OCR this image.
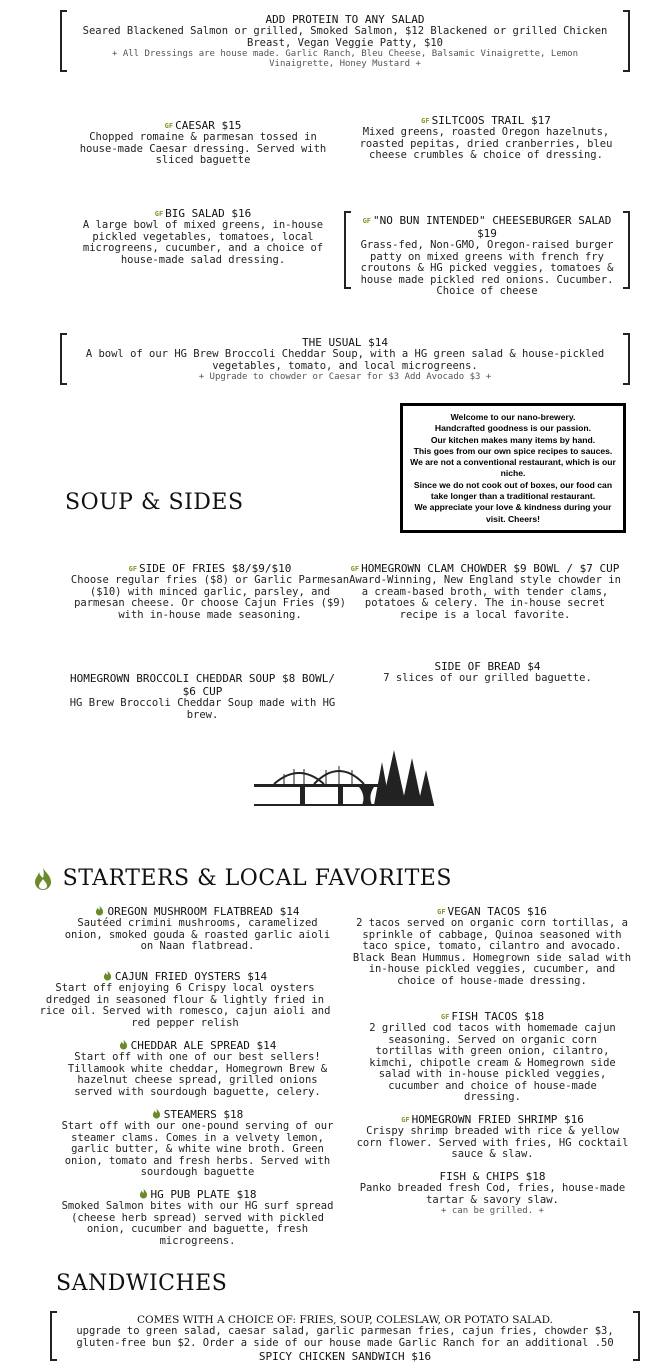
ADD PROTEIN TO ANY SALAD
Seared Blackened Salmon or grilled, Smoked Salmon, $12 Blackened or grilled Chicken Breast, Vegan Veggie Patty, $10
+ All Dressings are house made. Garlic Ranch, Bleu Cheese, Balsamic Vinaigrette, Lemon Vinaigrette, Honey Mustard +
GF CAESAR $15
Chopped romaine & parmesan tossed in house-made Caesar dressing. Served with sliced baguette
GF SILTCOOS TRAIL $17
Mixed greens, roasted Oregon hazelnuts, roasted pepitas, dried cranberries, bleu cheese crumbles & choice of dressing.
GF BIG SALAD $16
A large bowl of mixed greens, in-house pickled vegetables, tomatoes, local microgreens, cucumber, and a choice of house-made salad dressing.
GF "NO BUN INTENDED" CHEESEBURGER SALAD $19
Grass-fed, Non-GMO, Oregon-raised burger patty on mixed greens with french fry croutons & HG picked veggies, tomatoes & house made pickled red onions. Cucumber. Choice of cheese
THE USUAL $14
A bowl of our HG Brew Broccoli Cheddar Soup, with a HG green salad & house-pickled vegetables, tomato, and local microgreens.
+ Upgrade to chowder or Caesar for $3 Add Avocado $3 +
Welcome to our nano-brewery.
Handcrafted goodness is our passion.
Our kitchen makes many items by hand.
This goes from our own spice recipes to sauces.
We are not a conventional restaurant, which is our niche.
Since we do not cook out of boxes, our food can take longer than a traditional restaurant.
We appreciate your love & kindness during your visit. Cheers!
SOUP & SIDES
GF SIDE OF FRIES $8/$9/$10
Choose regular fries ($8) or Garlic Parmesan ($10) with minced garlic, parsley, and parmesan cheese. Or choose Cajun Fries ($9) with in-house made seasoning.
GF HOMEGROWN CLAM CHOWDER $9 BOWL / $7 CUP
Award-Winning, New England style chowder in a cream-based broth, with tender clams, potatoes & celery. The in-house secret recipe is a local favorite.
HOMEGROWN BROCCOLI CHEDDAR SOUP $8 BOWL/ $6 CUP
HG Brew Broccoli Cheddar Soup made with HG brew.
SIDE OF BREAD $4
7 slices of our grilled baguette.
STARTERS & LOCAL FAVORITES
OREGON MUSHROOM FLATBREAD $14
Sautéed crimini mushrooms, caramelized onion, smoked gouda & roasted garlic aioli on Naan flatbread.
CAJUN FRIED OYSTERS $14
Start off enjoying 6 Crispy local oysters dredged in seasoned flour & lightly fried in rice oil. Served with romesco, cajun aioli and red pepper relish
CHEDDAR ALE SPREAD $14
Start off with one of our best sellers! Tillamook white cheddar, Homegrown Brew & hazelnut cheese spread, grilled onions served with sourdough baguette, celery.
STEAMERS $18
Start off with our one-pound serving of our steamer clams. Comes in a velvety lemon, garlic butter, & white wine broth. Green onion, tomato and fresh herbs. Served with sourdough baguette
HG PUB PLATE $18
Smoked Salmon bites with our HG surf spread (cheese herb spread) served with pickled onion, cucumber and baguette, fresh microgreens.
GF VEGAN TACOS $16
2 tacos served on organic corn tortillas, a sprinkle of cabbage, Quinoa seasoned with taco spice, tomato, cilantro and avocado. Black Bean Hummus. Homegrown side salad with in-house pickled veggies, cucumber, and choice of house-made dressing.
GF FISH TACOS $18
2 grilled cod tacos with homemade cajun seasoning. Served on organic corn tortillas with green onion, cilantro, kimchi, chipotle cream & Homegrown side salad with in-house pickled veggies, cucumber and choice of house-made dressing.
GF HOMEGROWN FRIED SHRIMP $16
Crispy shrimp breaded with rice & yellow corn flower. Served with fries, HG cocktail sauce & slaw.
FISH & CHIPS $18
Panko breaded fresh Cod, fries, house-made tartar & savory slaw.
+ can be grilled. +
SANDWICHES
COMES WITH A CHOICE OF: FRIES, SOUP, COLESLAW, OR POTATO SALAD.
upgrade to green salad, caesar salad, garlic parmesan fries, cajun fries, chowder $3, gluten-free bun $2. Order a side of our house made Garlic Ranch for an additional .50
SPICY CHICKEN SANDWICH $16
